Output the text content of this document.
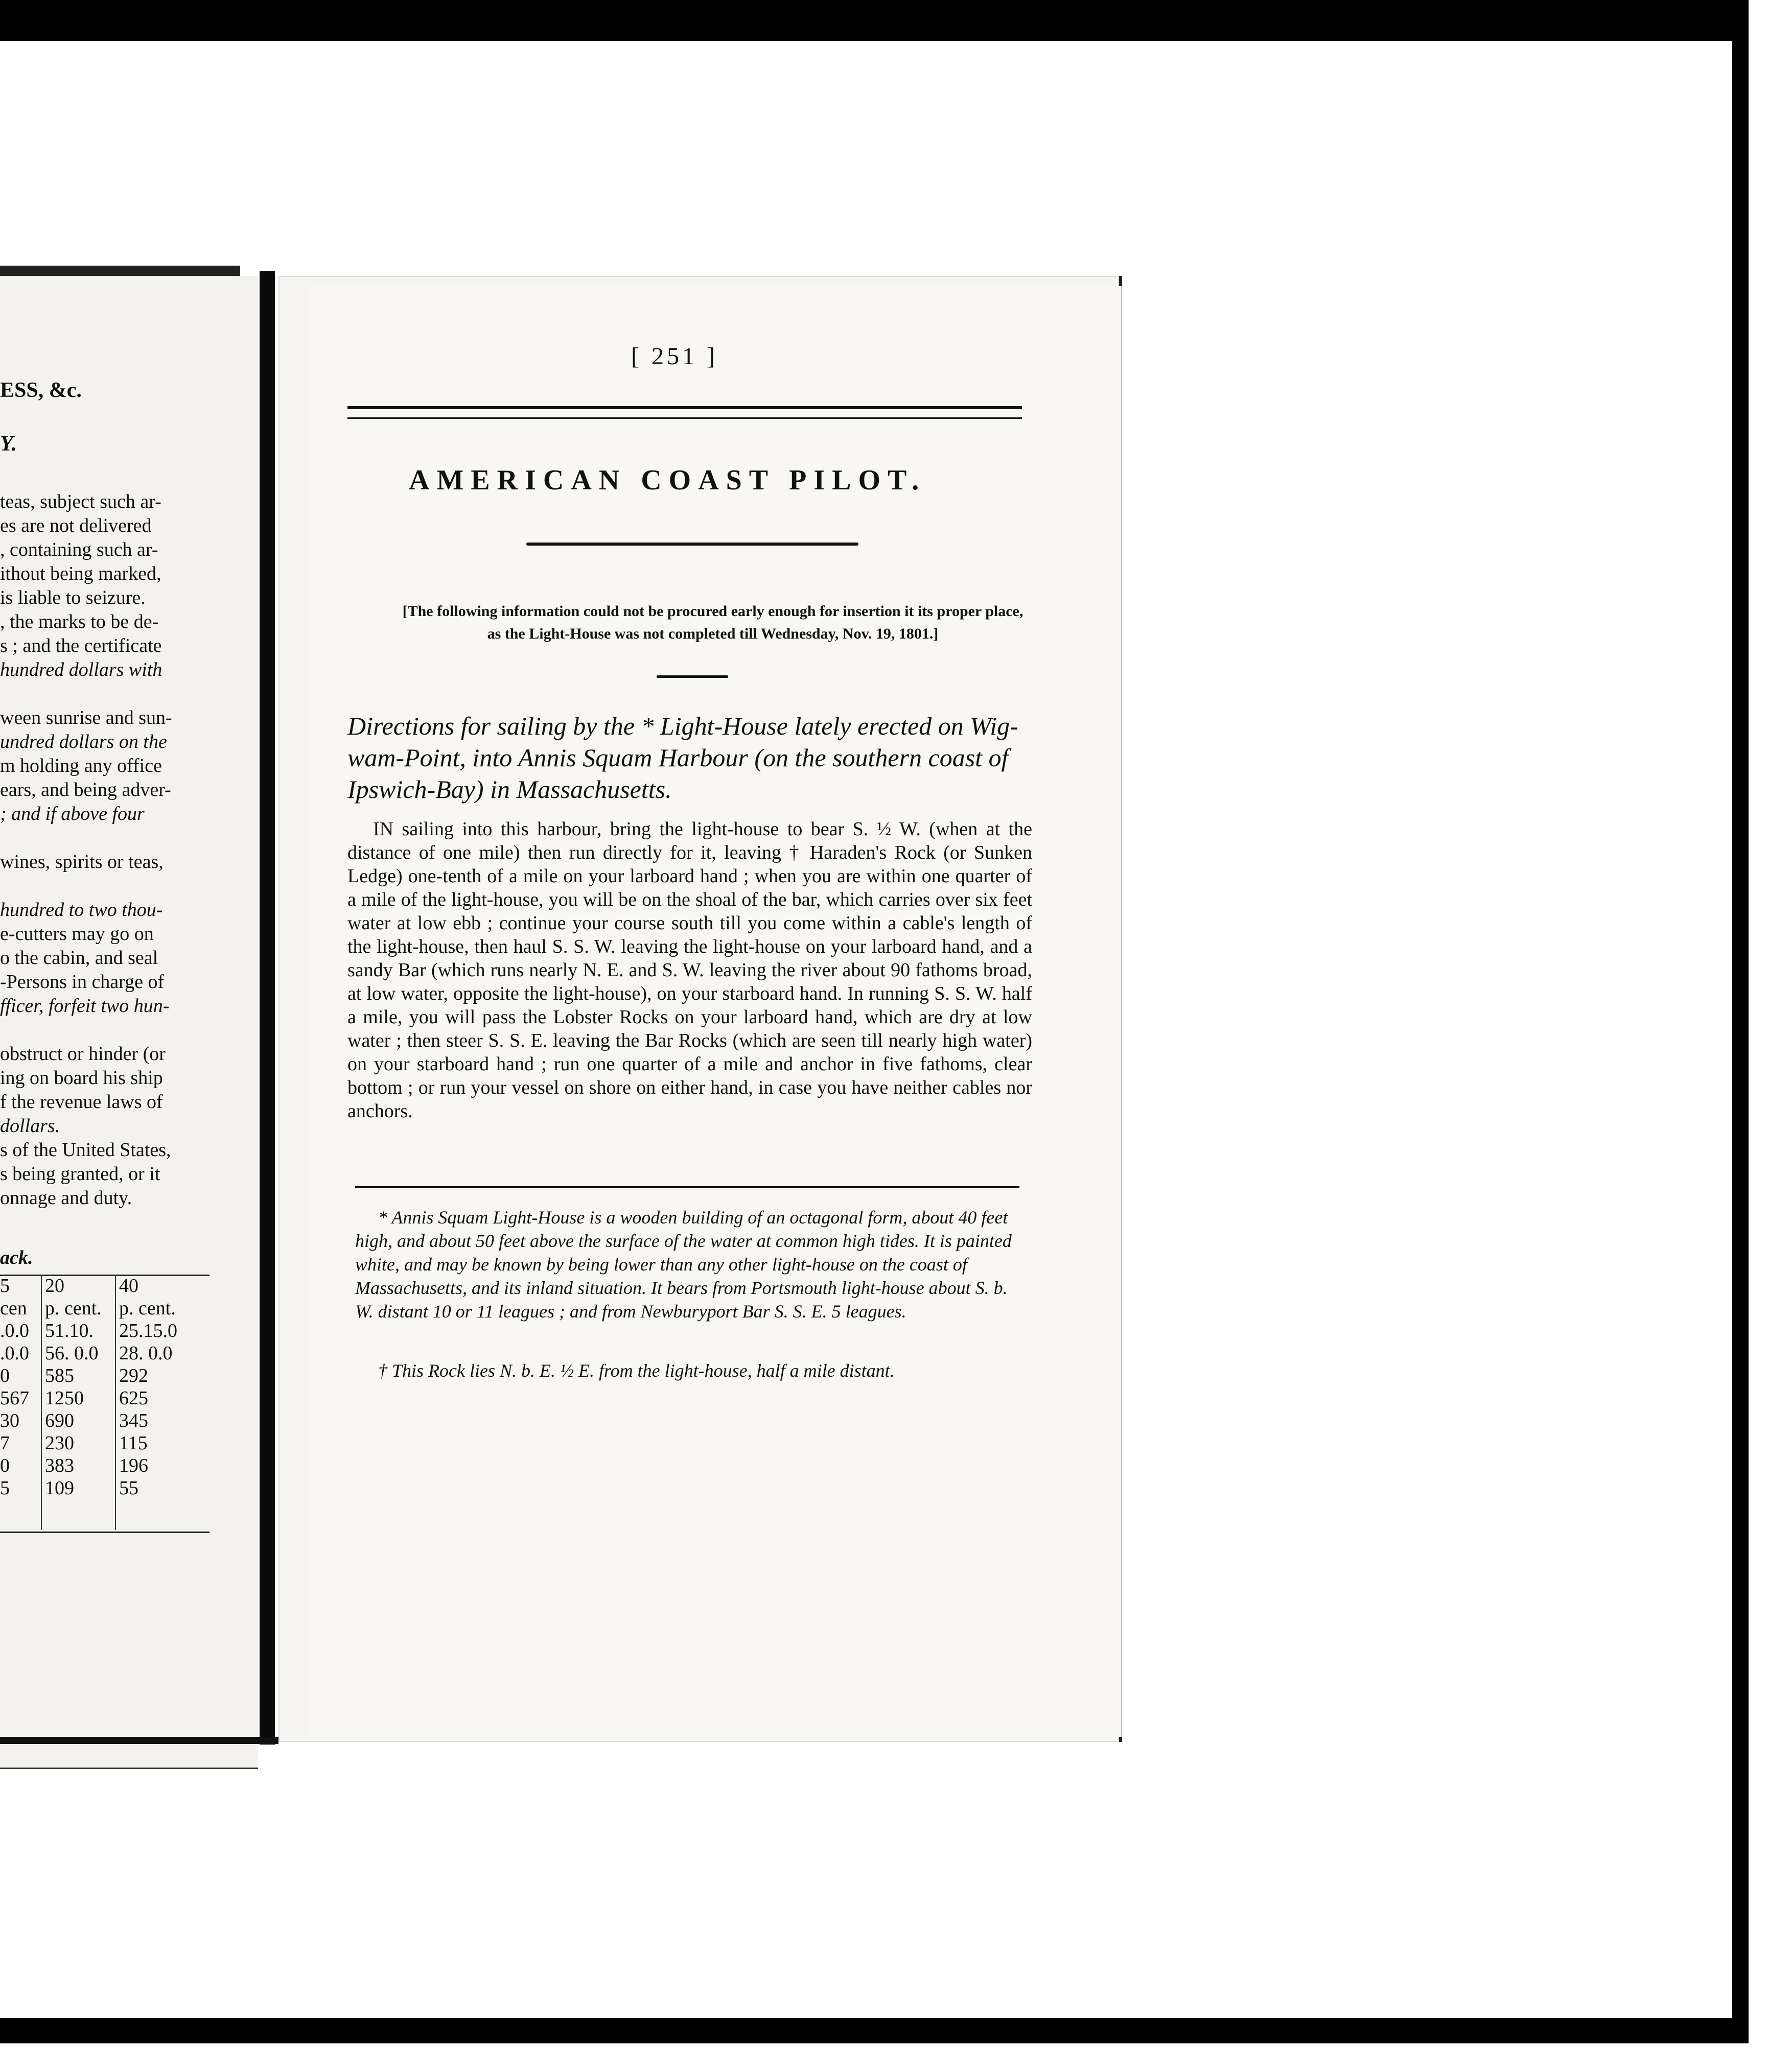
ESS, &c.
Y.
teas, subject such ar-
es are not delivered
, containing such ar-
ithout being marked,
is liable to seizure.
, the marks to be de-
s ; and the certificate
hundred dollars with
ween sunrise and sun-
undred dollars on the
m holding any office
ears, and being adver-
; and if above four
wines, spirits or teas,
hundred to two thou-
e-cutters may go on
o the cabin, and seal
-Persons in charge of
fficer, forfeit two hun-
obstruct or hinder (or
ing on board his ship
f the revenue laws of
dollars.
s of the United States,
s being granted, or it
onnage and duty.
ack.
5
cen
.0.0
.0.0
0
567
30
7
0
5
20
p. cent.
51.10.
56. 0.0
585
1250
690
230
383
109
40
p. cent.
25.15.0
28. 0.0
292
625
345
115
196
55
[ 251 ]
AMERICAN COAST PILOT.
[The following information could not be procured early enough for insertion it its proper place,
as the Light-House was not completed till Wednesday, Nov. 19, 1801.]
Directions for sailing by the * Light-House lately erected on Wig-wam-Point, into Annis Squam Harbour (on the southern coast of Ipswich-Bay) in Massachusetts.

IN sailing into this harbour, bring the light-house to bear S. ½ W. (when at the distance of one mile) then run directly for it, leaving † Haraden's Rock (or Sunken Ledge) one-tenth of a mile on your larboard hand ; when you are within one quarter of a mile of the light-house, you will be on the shoal of the bar, which carries over six feet water at low ebb ; continue your course south till you come within a cable's length of the light-house, then haul S. S. W. leaving the light-house on your larboard hand, and a sandy Bar (which runs nearly N. E. and S. W. leaving the river about 90 fathoms broad, at low water, opposite the light-house), on your starboard hand. In running S. S. W. half a mile, you will pass the Lobster Rocks on your larboard hand, which are dry at low water ; then steer S. S. E. leaving the Bar Rocks (which are seen till nearly high water) on your starboard hand ; run one quarter of a mile and anchor in five fathoms, clear bottom ; or run your vessel on shore on either hand, in case you have neither cables nor anchors.

* Annis Squam Light-House is a wooden building of an octagonal form, about 40 feet high, and about 50 feet above the surface of the water at common high tides. It is painted white, and may be known by being lower than any other light-house on the coast of Massachusetts, and its inland situation. It bears from Portsmouth light-house about S. b. W. distant 10 or 11 leagues ; and from Newburyport Bar S. S. E. 5 leagues.
† This Rock lies N. b. E. ½ E. from the light-house, half a mile distant.
